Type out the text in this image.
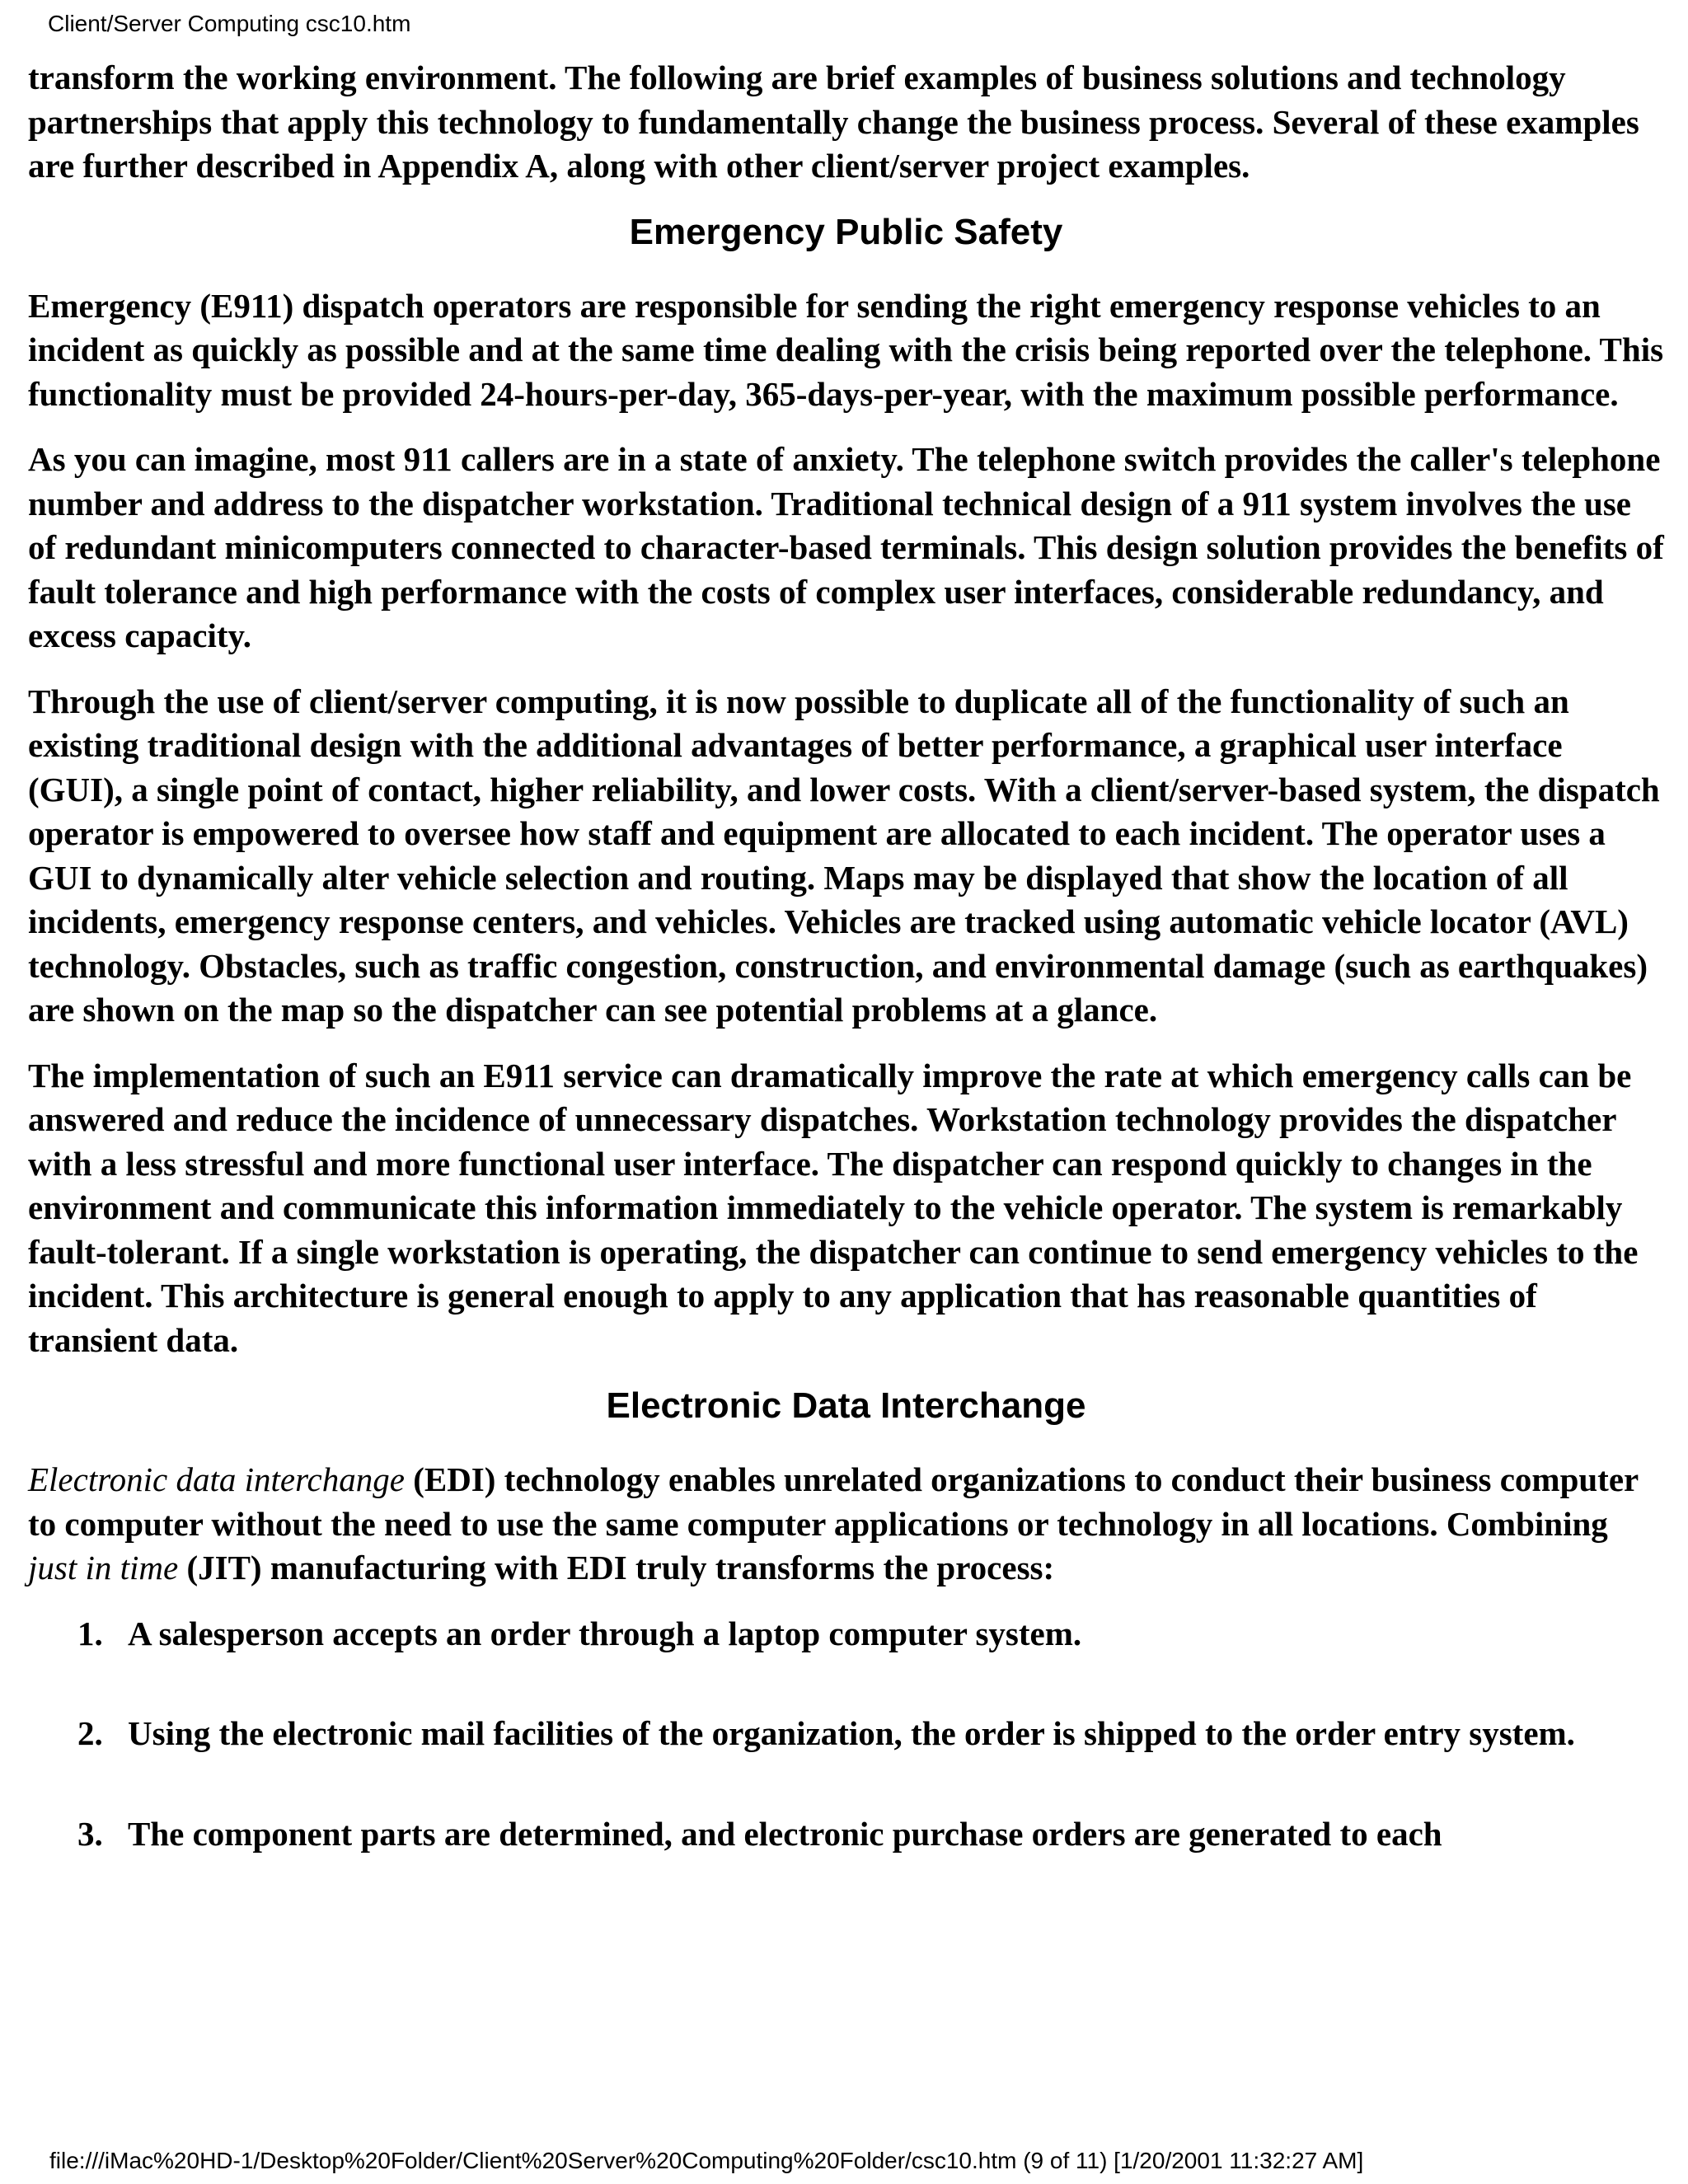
Client/Server Computing csc10.htm

transform the working environment. The following are brief examples of business solutions and technology partnerships that apply this technology to fundamentally change the business process. Several of these examples are further described in Appendix A, along with other client/server project examples.

Emergency Public Safety

Emergency (E911) dispatch operators are responsible for sending the right emergency response vehicles to an incident as quickly as possible and at the same time dealing with the crisis being reported over the telephone. This functionality must be provided 24-hours-per-day, 365-days-per-year, with the maximum possible performance.

As you can imagine, most 911 callers are in a state of anxiety. The telephone switch provides the caller's telephone number and address to the dispatcher workstation. Traditional technical design of a 911 system involves the use of redundant minicomputers connected to character-based terminals. This design solution provides the benefits of fault tolerance and high performance with the costs of complex user interfaces, considerable redundancy, and excess capacity.

Through the use of client/server computing, it is now possible to duplicate all of the functionality of such an existing traditional design with the additional advantages of better performance, a graphical user interface (GUI), a single point of contact, higher reliability, and lower costs. With a client/server-based system, the dispatch operator is empowered to oversee how staff and equipment are allocated to each incident. The operator uses a GUI to dynamically alter vehicle selection and routing. Maps may be displayed that show the location of all incidents, emergency response centers, and vehicles. Vehicles are tracked using automatic vehicle locator (AVL) technology. Obstacles, such as traffic congestion, construction, and environmental damage (such as earthquakes) are shown on the map so the dispatcher can see potential problems at a glance.

The implementation of such an E911 service can dramatically improve the rate at which emergency calls can be answered and reduce the incidence of unnecessary dispatches. Workstation technology provides the dispatcher with a less stressful and more functional user interface. The dispatcher can respond quickly to changes in the environment and communicate this information immediately to the vehicle operator. The system is remarkably fault-tolerant. If a single workstation is operating, the dispatcher can continue to send emergency vehicles to the incident. This architecture is general enough to apply to any application that has reasonable quantities of transient data.

Electronic Data Interchange

Electronic data interchange (EDI) technology enables unrelated organizations to conduct their business computer to computer without the need to use the same computer applications or technology in all locations. Combining just in time (JIT) manufacturing with EDI truly transforms the process:

1. A salesperson accepts an order through a laptop computer system.
2. Using the electronic mail facilities of the organization, the order is shipped to the order entry system.
3. The component parts are determined, and electronic purchase orders are generated to each
file:///iMac%20HD-1/Desktop%20Folder/Client%20Server%20Computing%20Folder/csc10.htm (9 of 11) [1/20/2001 11:32:27 AM]
